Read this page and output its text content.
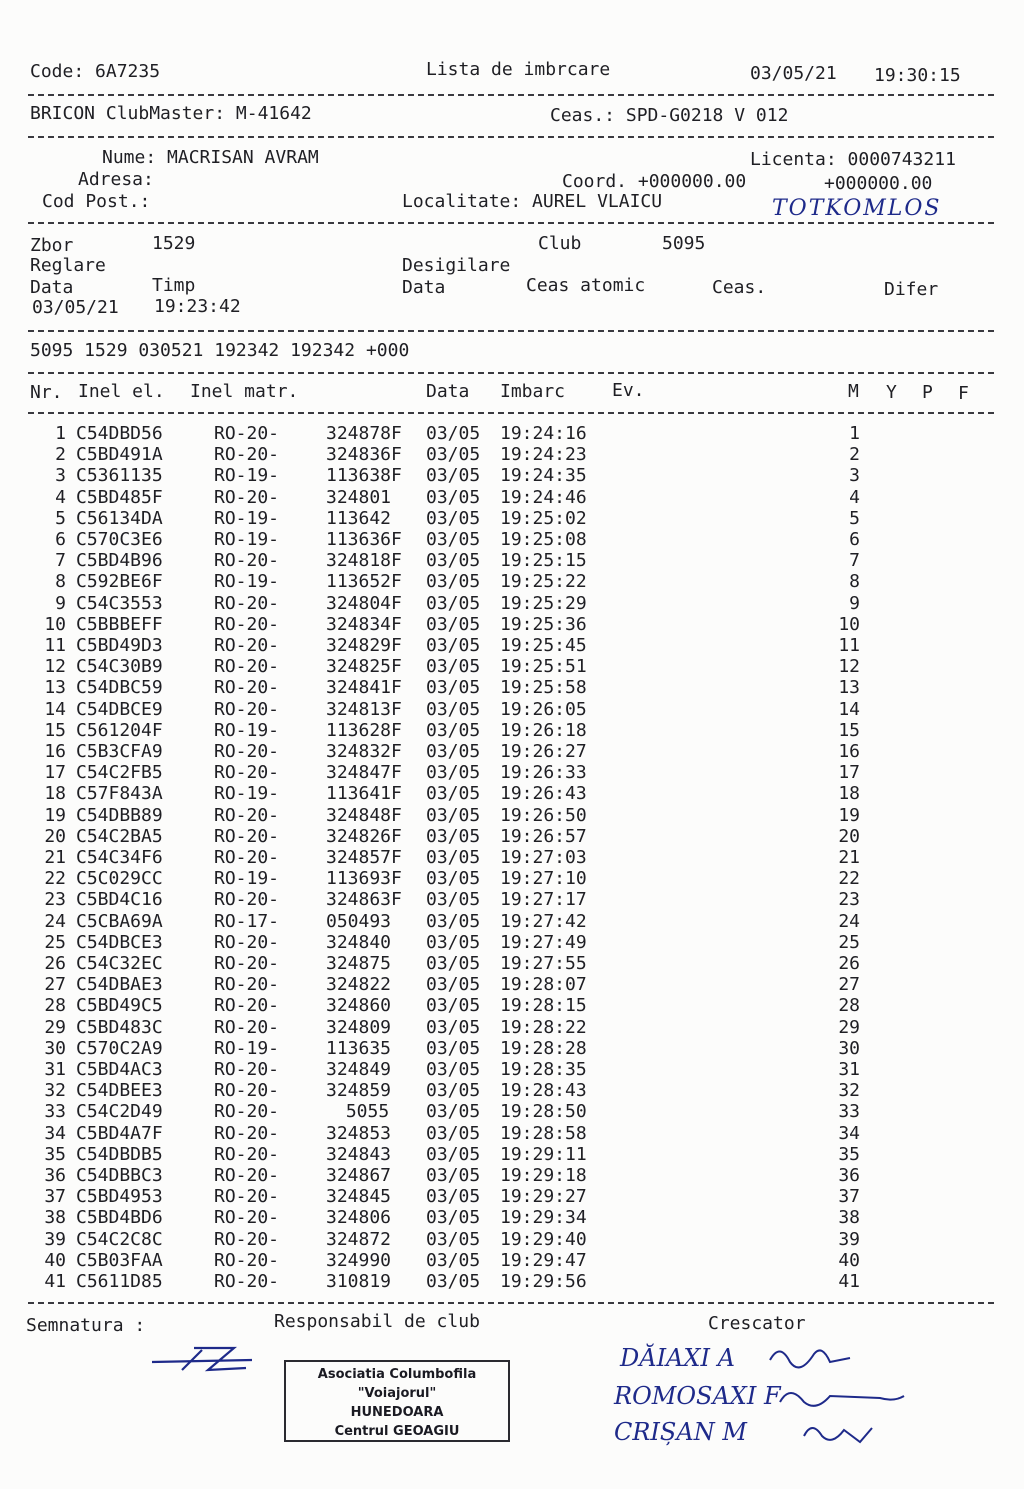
Code: 6A7235	Lista de imbrcare	03/05/21 19:30:15
BRICON ClubMaster: M-41642	Ceas.: SPD-G0218 V 012
Nume: MACRISAN AVRAM	Licenta: 0000743211
Adresa:	Coord. +000000.00	+000000.00
Cod Post.:	Localitate: AUREL VLAICU	TOTKOMLOS
Zbor	1529	Club	5095
Reglare	Desigilare
Data	Timp	Data	Ceas atomic	Ceas.	Difer
03/05/21 19:23:42
5095 1529 030521 192342 192342 +000
Nr. Inel el. Inel matr.	Data Imbarc	Ev.	M Y P F
1 C54DBD56	RO-20-	324878F 03/05 19:24:16	1
2 C5BD491A	RO-20-	324836F 03/05 19:24:23	2
3 C5361135	RO-19-	113638F 03/05 19:24:35	3
4 C5BD485F	RO-20-	324801 03/05 19:24:46	4
5 C56134DA	RO-19-	113642 03/05 19:25:02	5
6 C570C3E6	RO-19-	113636F 03/05 19:25:08	6
7 C5BD4B96	RO-20-	324818F 03/05 19:25:15	7
8 C592BE6F	RO-19-	113652F 03/05 19:25:22	8
9 C54C3553	RO-20-	324804F 03/05 19:25:29	9
10 C5BBBEFF	RO-20-	324834F 03/05 19:25:36	10
11 C5BD49D3	RO-20-	324829F 03/05 19:25:45	11
12 C54C30B9	RO-20-	324825F 03/05 19:25:51	12
13 C54DBC59	RO-20-	324841F 03/05 19:25:58	13
14 C54DBCE9	RO-20-	324813F 03/05 19:26:05	14
15 C561204F	RO-19-	113628F 03/05 19:26:18	15
16 C5B3CFA9	RO-20-	324832F 03/05 19:26:27	16
17 C54C2FB5	RO-20-	324847F 03/05 19:26:33	17
18 C57F843A	RO-19-	113641F 03/05 19:26:43	18
19 C54DBB89	RO-20-	324848F 03/05 19:26:50	19
20 C54C2BA5	RO-20-	324826F 03/05 19:26:57	20
21 C54C34F6	RO-20-	324857F 03/05 19:27:03	21
22 C5C029CC	RO-19-	113693F 03/05 19:27:10	22
23 C5BD4C16	RO-20-	324863F 03/05 19:27:17	23
24 C5CBA69A	RO-17-	050493 03/05 19:27:42	24
25 C54DBCE3	RO-20-	324840 03/05 19:27:49	25
26 C54C32EC	RO-20-	324875 03/05 19:27:55	26
27 C54DBAE3	RO-20-	324822 03/05 19:28:07	27
28 C5BD49C5	RO-20-	324860 03/05 19:28:15	28
29 C5BD483C	RO-20-	324809 03/05 19:28:22	29
30 C570C2A9	RO-19-	113635 03/05 19:28:28	30
31 C5BD4AC3	RO-20-	324849 03/05 19:28:35	31
32 C54DBEE3	RO-20-	324859 03/05 19:28:43	32
33 C54C2D49	RO-20-	5055 03/05 19:28:50	33
34 C5BD4A7F	RO-20-	324853 03/05 19:28:58	34
35 C54DBDB5	RO-20-	324843 03/05 19:29:11	35
36 C54DBBC3	RO-20-	324867 03/05 19:29:18	36
37 C5BD4953	RO-20-	324845 03/05 19:29:27	37
38 C5BD4BD6	RO-20-	324806 03/05 19:29:34	38
39 C54C2C8C	RO-20-	324872 03/05 19:29:40	39
40 C5B03FAA	RO-20-	324990 03/05 19:29:47	40
41 C5611D85	RO-20-	310819 03/05 19:29:56	41
Semnatura :	Responsabil de club	Crescator
Asociatia Columbofila
"Voiajorul"
HUNEDOARA
Centrul GEOAGIU
DĂIAXI A
ROMOSAXI F
CRIȘAN M
